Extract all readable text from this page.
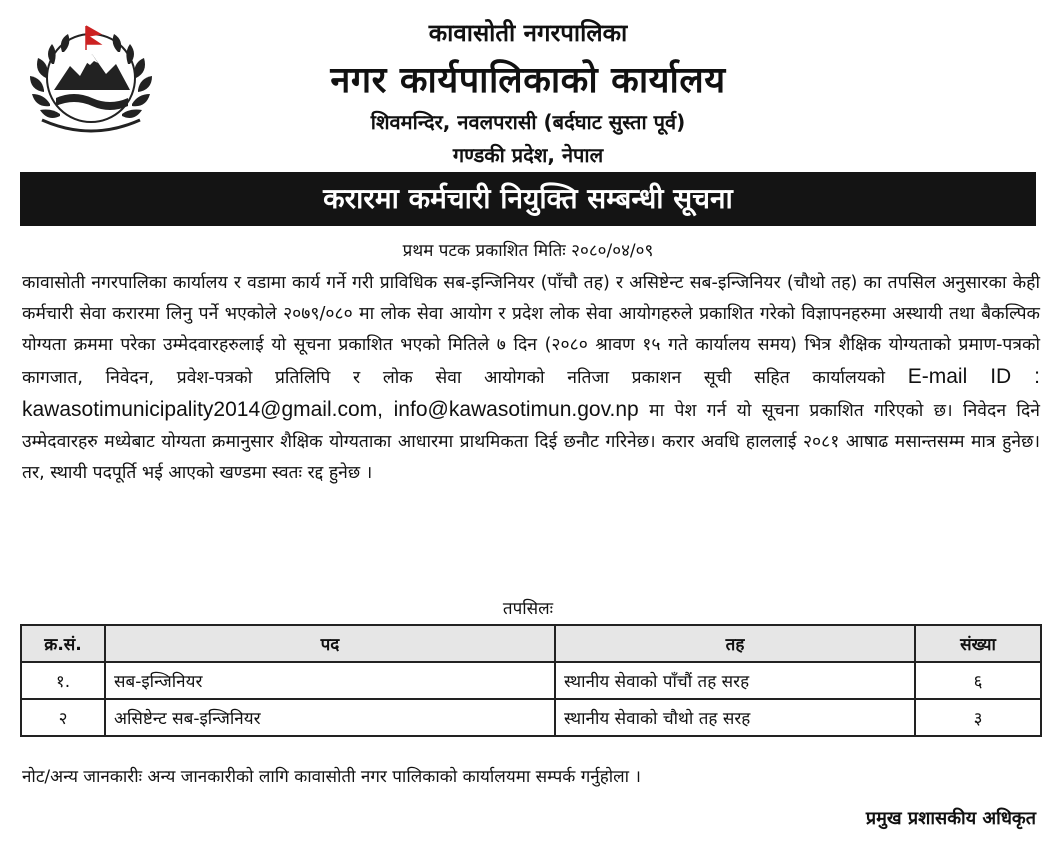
कावासोती नगरपालिका
नगर कार्यपालिकाको कार्यालय
शिवमन्दिर, नवलपरासी (बर्दघाट सुस्ता पूर्व)
गण्डकी प्रदेश, नेपाल
करारमा कर्मचारी नियुक्ति सम्बन्धी सूचना
प्रथम पटक प्रकाशित मितिः २०८०/०४/०९
कावासोती नगरपालिका कार्यालय र वडामा कार्य गर्ने गरी प्राविधिक सब-इन्जिनियर (पाँचौ तह) र असिष्टेन्ट सब-इन्जिनियर (चौथो तह) का तपसिल अनुसारका केही कर्मचारी सेवा करारमा लिनु पर्ने भएकोले २०७९/०८० मा लोक सेवा आयोग र प्रदेश लोक सेवा आयोगहरुले प्रकाशित गरेको विज्ञापनहरुमा अस्थायी तथा बैकल्पिक योग्यता क्रममा परेका उम्मेदवारहरुलाई यो सूचना प्रकाशित भएको मितिले ७ दिन (२०८० श्रावण १५ गते कार्यालय समय) भित्र शैक्षिक योग्यताको प्रमाण-पत्रको कागजात, निवेदन, प्रवेश-पत्रको प्रतिलिपि र लोक सेवा आयोगको नतिजा प्रकाशन सूची सहित कार्यालयको E-mail ID : kawasotimunicipality2014@gmail.com, info@kawasotimun.gov.np मा पेश गर्न यो सूचना प्रकाशित गरिएको छ। निवेदन दिने उम्मेदवारहरु मध्येबाट योग्यता क्रमानुसार शैक्षिक योग्यताका आधारमा प्राथमिकता दिई छनौट गरिनेछ। करार अवधि हाललाई २०८१ आषाढ मसान्तसम्म मात्र हुनेछ। तर, स्थायी पदपूर्ति भई आएको खण्डमा स्वतः रद्द हुनेछ ।
तपसिलः
क्र.सं.	पद	तह	संख्या
१.	सब-इन्जिनियर	स्थानीय सेवाको पाँचौं तह सरह	६
२	असिष्टेन्ट सब-इन्जिनियर	स्थानीय सेवाको चौथो तह सरह	३
नोट/अन्य जानकारीः अन्य जानकारीको लागि कावासोती नगर पालिकाको कार्यालयमा सम्पर्क गर्नुहोला ।
प्रमुख प्रशासकीय अधिकृत
